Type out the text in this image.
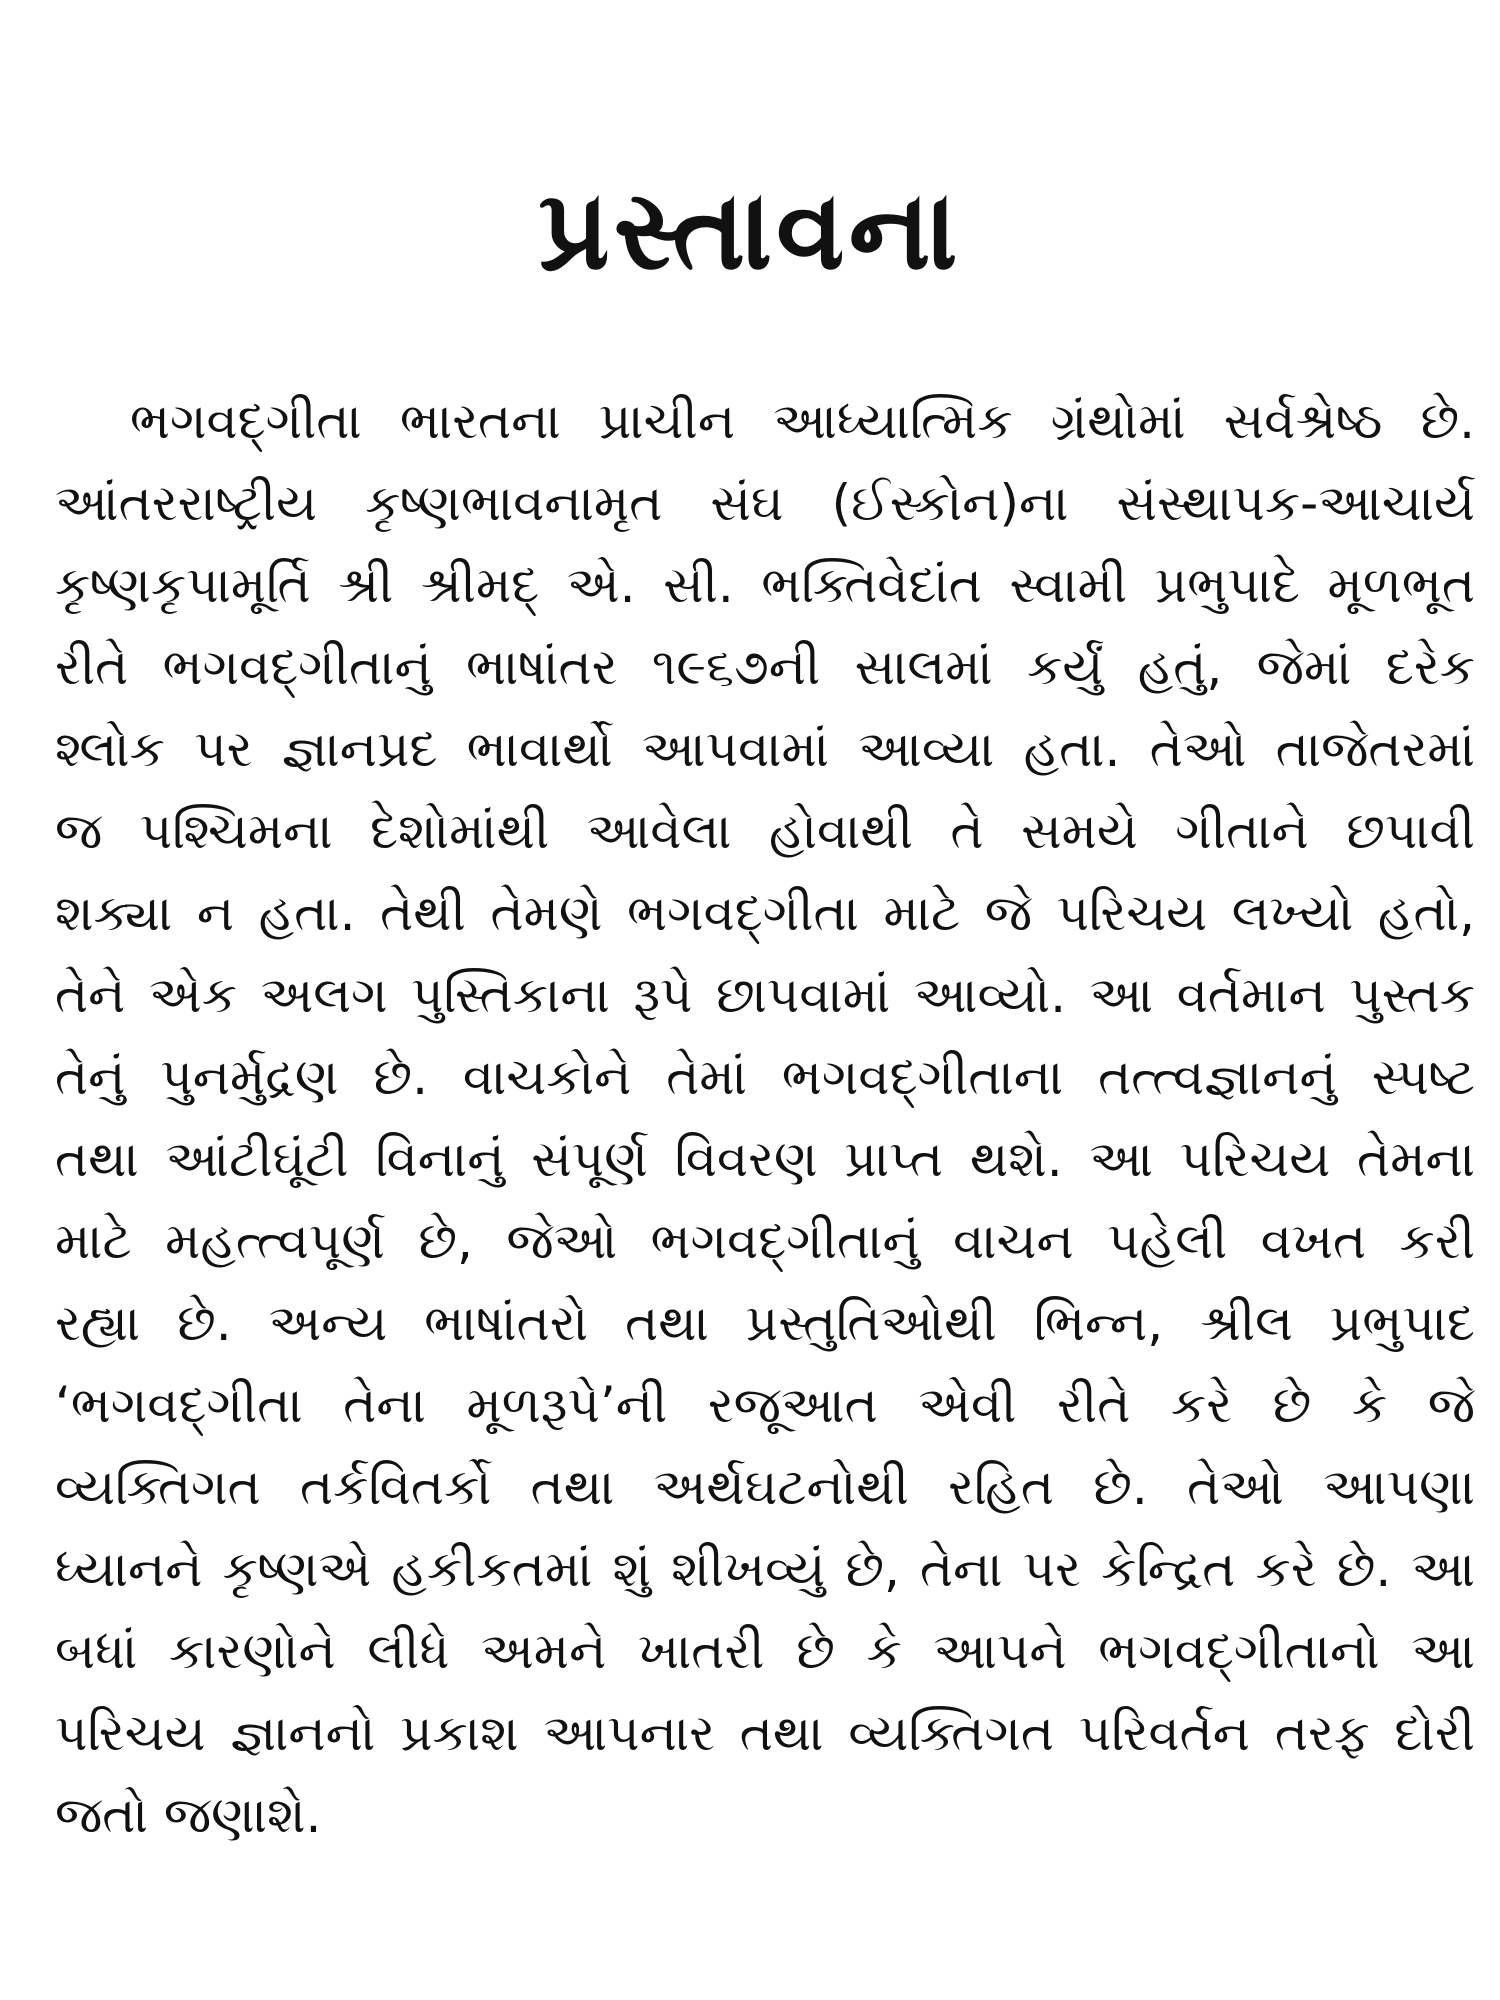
પ્રસ્તાવના
ભગવદ્‌ગીતા ભારતના પ્રાચીન આધ્યાત્મિક ગ્રંથોમાં સર્વશ્રેષ્ઠ છે.
આંતરરાષ્ટ્રીય કૃષ્ણભાવનામૃત સંઘ (ઈસ્કોન)ના સંસ્થાપક-આચાર્ય
કૃષ્ણકૃપામૂર્તિ શ્રી શ્રીમદ્ એ. સી. ભક્તિવેદાંત સ્વામી પ્રભુપાદે મૂળભૂત
રીતે ભગવદ્‌ગીતાનું ભાષાંતર ૧૯૬૭ની સાલમાં કર્યું હતું, જેમાં દરેક
શ્લોક પર જ્ઞાનપ્રદ ભાવાર્થો આપવામાં આવ્યા હતા. તેઓ તાજેતરમાં
જ પશ્ચિમના દેશોમાંથી આવેલા હોવાથી તે સમયે ગીતાને છપાવી
શક્યા ન હતા. તેથી તેમણે ભગવદ્‌ગીતા માટે જે પરિચય લખ્યો હતો,
તેને એક અલગ પુસ્તિકાના રૂપે છાપવામાં આવ્યો. આ વર્તમાન પુસ્તક
તેનું પુનર્મુદ્રણ છે. વાચકોને તેમાં ભગવદ્‌ગીતાના તત્ત્વજ્ઞાનનું સ્પષ્ટ
તથા આંટીઘૂંટી વિનાનું સંપૂર્ણ વિવરણ પ્રાપ્ત થશે. આ પરિચય તેમના
માટે મહત્ત્વપૂર્ણ છે, જેઓ ભગવદ્‌ગીતાનું વાચન પહેલી વખત કરી
રહ્યા છે. અન્ય ભાષાંતરો તથા પ્રસ્તુતિઓથી ભિન્ન, શ્રીલ પ્રભુપાદ
‘ભગવદ્‌ગીતા તેના મૂળરૂપે’ની રજૂઆત એવી રીતે કરે છે કે જે
વ્યક્તિગત તર્કવિતર્કો તથા અર્થઘટનોથી રહિત છે. તેઓ આપણા
ધ્યાનને કૃષ્ણએ હકીકતમાં શું શીખવ્યું છે, તેના પર કેન્દ્રિત કરે છે. આ
બધાં કારણોને લીધે અમને ખાતરી છે કે આપને ભગવદ્‌ગીતાનો આ
પરિચય જ્ઞાનનો પ્રકાશ આપનાર તથા વ્યક્તિગત પરિવર્તન તરફ દોરી
જતો જણાશે.
